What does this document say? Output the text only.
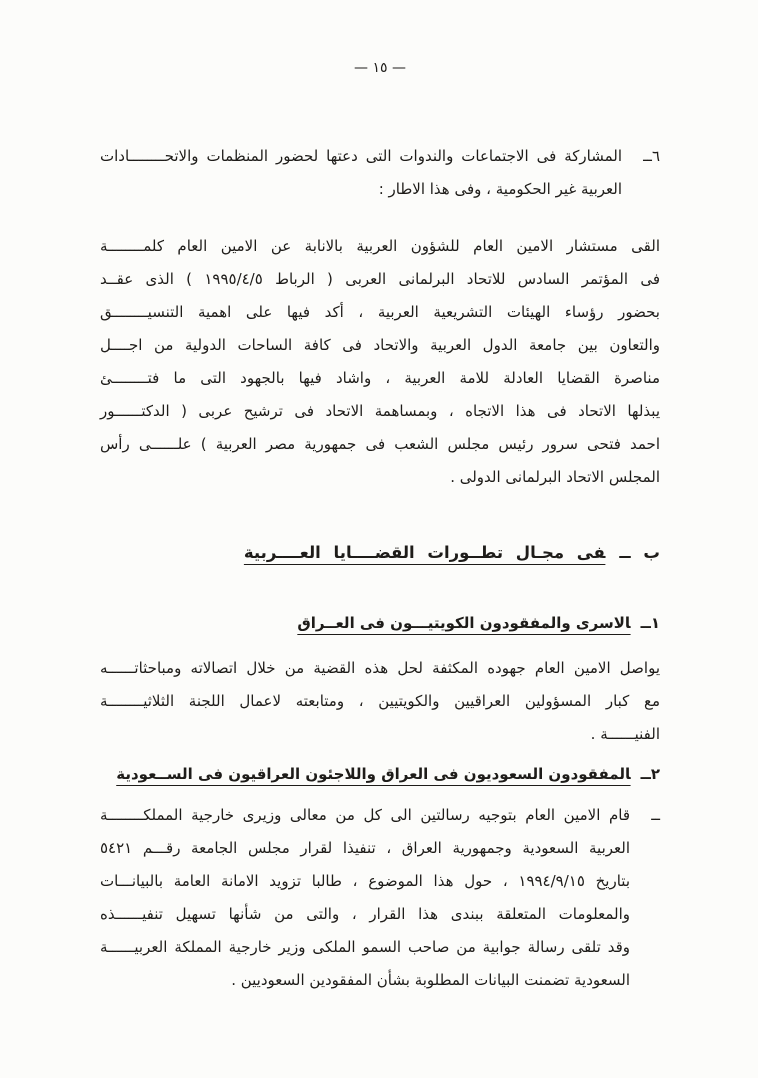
— ١٥ —
٦ــ
المشاركة فى الاجتماعات والندوات التى دعتها لحضور المنظمات والاتحــــــــادات
العربية غير الحكومية ، وفى هذا الاطار :
القى مستشار الامين العام للشؤون العربية بالانابة عن الامين العام كلمــــــــة
فى المؤتمر السادس للاتحاد البرلمانى العربى ( الرباط ١٩٩٥/٤/٥ ) الذى عقــد
بحضور رؤساء الهيئات التشريعية العربية ، أكد فيها على اهمية التنسيــــــــق
والتعاون بين جامعة الدول العربية والاتحاد فى كافة الساحات الدولية من اجــــل
مناصرة القضايا العادلة للامة العربية ، واشاد فيها بالجهود التى ما فتــــــــئ
يبذلها الاتحاد فى هذا الاتجاه ، وبمساهمة الاتحاد فى ترشيح عربى ( الدكتــــــور
احمد فتحى سرور رئيس مجلس الشعب فى جمهورية مصر العربية ) علــــــى رأس
المجلس الاتحاد البرلمانى الدولى .
ب ــفى مجـال تطــورات القضــــايا العــــربية
١ــالاسرى والمفقودون الكويتيـــون فى العــراق
يواصل الامين العام جهوده المكثفة لحل هذه القضية من خلال اتصالاته ومباحثاتــــــه
مع كبار المسؤولين العراقيين والكويتيين ، ومتابعته لاعمال اللجنة الثلاثيــــــــة
الفنيــــــة .
٢ــالمفقودون السعوديون فى العراق واللاجئون العراقيون فى الســعودية
ــ
قام الامين العام بتوجيه رسالتين الى كل من معالى وزيرى خارجية المملكــــــــة
العربية السعودية وجمهورية العراق ، تنفيذا لقرار مجلس الجامعة رقـــم ٥٤٢١
بتاريخ ١٩٩٤/٩/١٥ ، حول هذا الموضوع ، طالبا تزويد الامانة العامة بالبيانـــات
والمعلومات المتعلقة ببندى هذا القرار ، والتى من شأنها تسهيل تنفيــــــذه
وقد تلقى رسالة جوابية من صاحب السمو الملكى وزير خارجية المملكة العربيــــــة
السعودية تضمنت البيانات المطلوبة بشأن المفقودين السعوديين .
